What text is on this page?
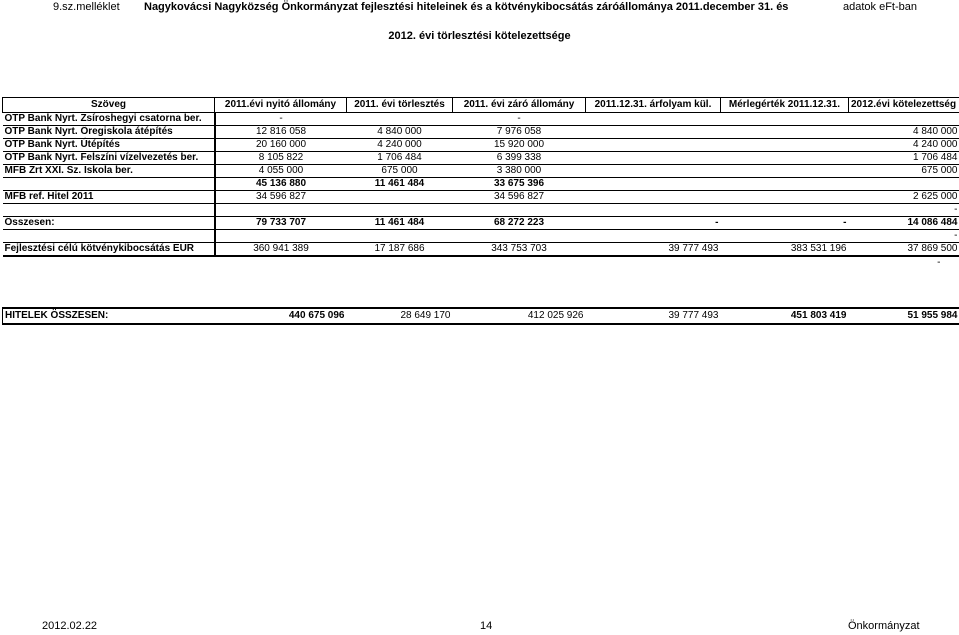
9.sz.melléklet Nagykovácsi Nagyközség Önkormányzat fejlesztési hiteleinek és a kötvénykibocsátás záróállománya 2011.december 31. és	adatok eFt-ban
2012. évi törlesztési kötelezettsége
Szöveg	2011.évi nyitó állomány	2011. évi törlesztés	2011. évi záró állomány	2011.12.31. árfolyam kül.	Mérlegérték 2011.12.31.	2012.évi kötelezettség
OTP Bank Nyrt. Zsíroshegyi csatorna ber.	-		-			
OTP Bank Nyrt. Öregiskola átépítés	12 816 058	4 840 000	7 976 058			4 840 000
OTP Bank Nyrt. Útépítés	20 160 000	4 240 000	15 920 000			4 240 000
OTP Bank Nyrt. Felszíni vízelvezetés ber.	8 105 822	1 706 484	6 399 338			1 706 484
MFB Zrt XXI. Sz. Iskola ber.	4 055 000	675 000	3 380 000			675 000
	45 136 880	11 461 484	33 675 396			
MFB ref. Hitel 2011	34 596 827		34 596 827			2 625 000
						-
Összesen:	79 733 707	11 461 484	68 272 223	-	-	14 086 484
						-
Fejlesztési célú kötvénykibocsátás EUR	360 941 389	17 187 686	343 753 703	39 777 493	383 531 196	37 869 500
						-
HITELEK ÖSSZESEN:	440 675 096	28 649 170	412 025 926	39 777 493	451 803 419	51 955 984
2012.02.22	14	Önkormányzat
